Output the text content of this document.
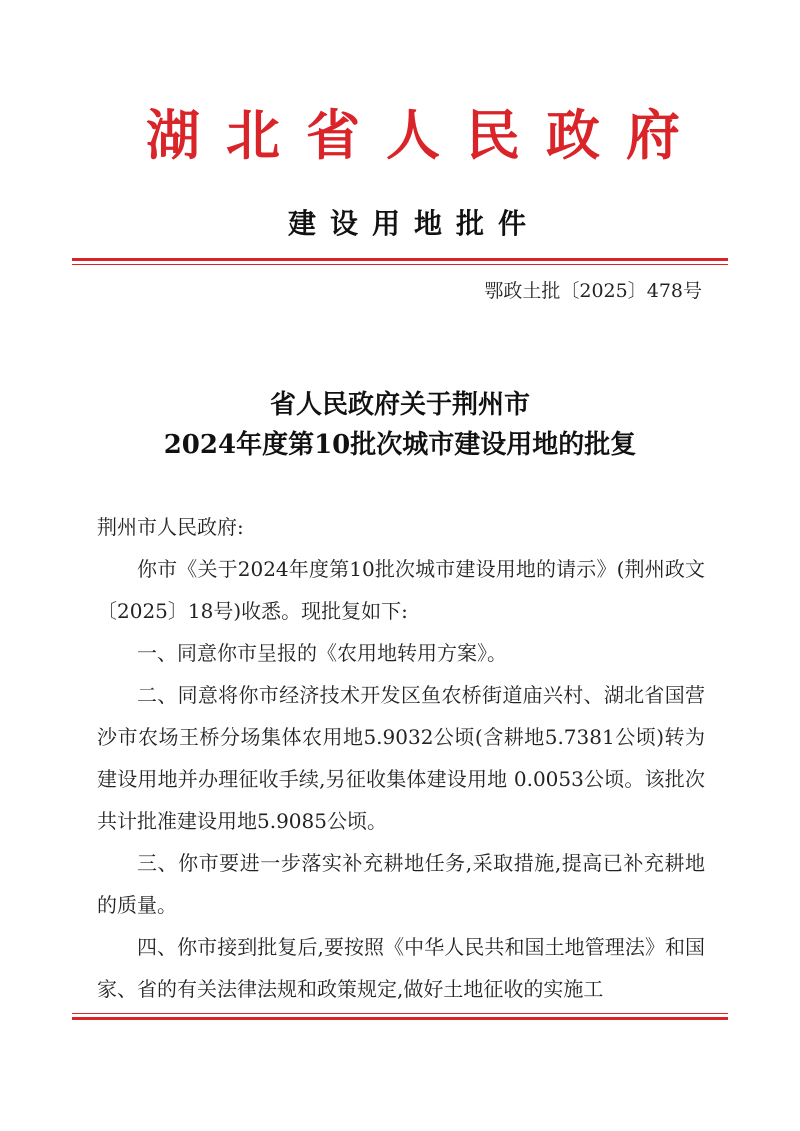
湖北省人民政府
建设用地批件
鄂政土批〔2025〕478号
省人民政府关于荆州市
2024年度第10批次城市建设用地的批复

荆州市人民政府:

你市《关于2024年度第10批次城市建设用地的请示》(荆州政文〔2025〕18号)收悉。现批复如下:

一、同意你市呈报的《农用地转用方案》。

二、同意将你市经济技术开发区鱼农桥街道庙兴村、湖北省国营沙市农场王桥分场集体农用地5.9032公顷(含耕地5.7381公顷)转为建设用地并办理征收手续,另征收集体建设用地 0.0053公顷。该批次共计批准建设用地5.9085公顷。

三、你市要进一步落实补充耕地任务,采取措施,提高已补充耕地的质量。

四、你市接到批复后,要按照《中华人民共和国土地管理法》和国家、省的有关法律法规和政策规定,做好土地征收的实施工
